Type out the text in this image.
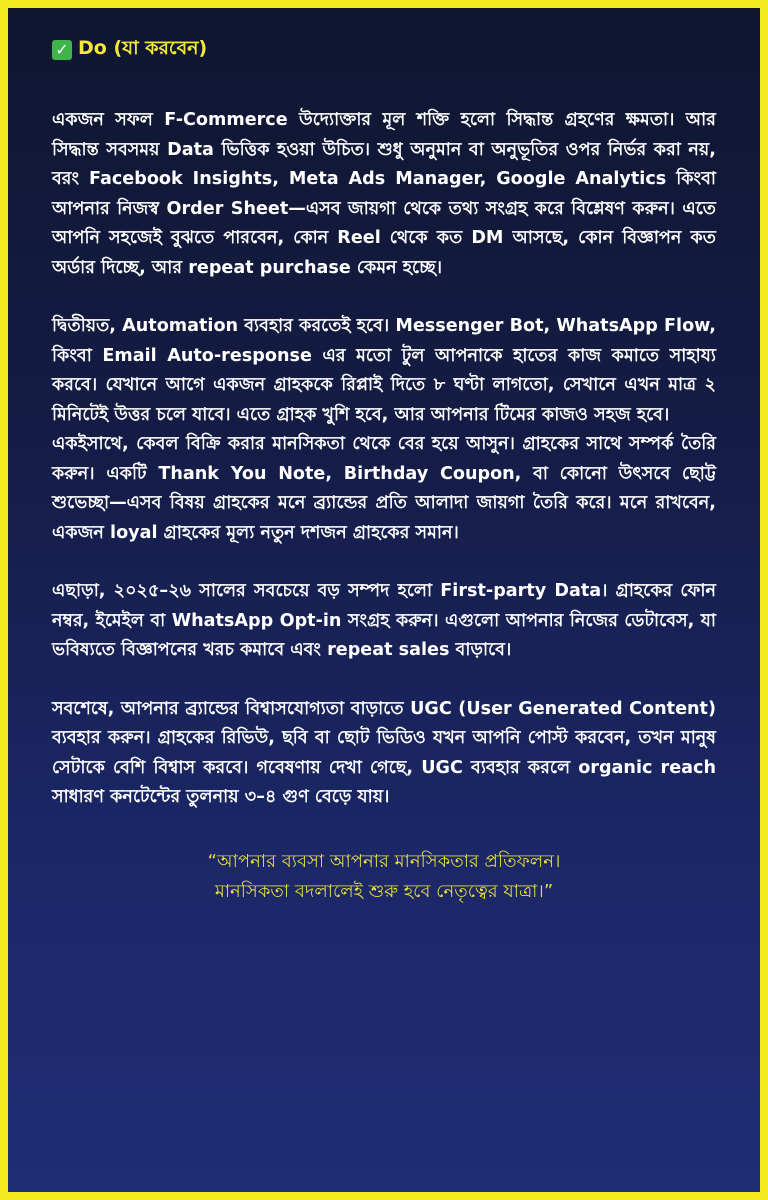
✓ Do (যা করবেন)

একজন সফল F-Commerce উদ্যোক্তার মূল শক্তি হলো সিদ্ধান্ত গ্রহণের ক্ষমতা। আর সিদ্ধান্ত সবসময় Data ভিত্তিক হওয়া উচিত। শুধু অনুমান বা অনুভূতির ওপর নির্ভর করা নয়, বরং Facebook Insights, Meta Ads Manager, Google Analytics কিংবা আপনার নিজস্ব Order Sheet—এসব জায়গা থেকে তথ্য সংগ্রহ করে বিশ্লেষণ করুন। এতে আপনি সহজেই বুঝতে পারবেন, কোন Reel থেকে কত DM আসছে, কোন বিজ্ঞাপন কত অর্ডার দিচ্ছে, আর repeat purchase কেমন হচ্ছে।

দ্বিতীয়ত, Automation ব্যবহার করতেই হবে। Messenger Bot, WhatsApp Flow, কিংবা Email Auto-response এর মতো টুল আপনাকে হাতের কাজ কমাতে সাহায্য করবে। যেখানে আগে একজন গ্রাহককে রিপ্লাই দিতে ৮ ঘণ্টা লাগতো, সেখানে এখন মাত্র ২ মিনিটেই উত্তর চলে যাবে। এতে গ্রাহক খুশি হবে, আর আপনার টিমের কাজও সহজ হবে।

একইসাথে, কেবল বিক্রি করার মানসিকতা থেকে বের হয়ে আসুন। গ্রাহকের সাথে সম্পর্ক তৈরি করুন। একটি Thank You Note, Birthday Coupon, বা কোনো উৎসবে ছোট্ট শুভেচ্ছা—এসব বিষয় গ্রাহকের মনে ব্র্যান্ডের প্রতি আলাদা জায়গা তৈরি করে। মনে রাখবেন, একজন loyal গ্রাহকের মূল্য নতুন দশজন গ্রাহকের সমান।

এছাড়া, ২০২৫–২৬ সালের সবচেয়ে বড় সম্পদ হলো First-party Data। গ্রাহকের ফোন নম্বর, ইমেইল বা WhatsApp Opt-in সংগ্রহ করুন। এগুলো আপনার নিজের ডেটাবেস, যা ভবিষ্যতে বিজ্ঞাপনের খরচ কমাবে এবং repeat sales বাড়াবে।

সবশেষে, আপনার ব্র্যান্ডের বিশ্বাসযোগ্যতা বাড়াতে UGC (User Generated Content) ব্যবহার করুন। গ্রাহকের রিভিউ, ছবি বা ছোট ভিডিও যখন আপনি পোস্ট করবেন, তখন মানুষ সেটাকে বেশি বিশ্বাস করবে। গবেষণায় দেখা গেছে, UGC ব্যবহার করলে organic reach সাধারণ কনটেন্টের তুলনায় ৩–৪ গুণ বেড়ে যায়।

“আপনার ব্যবসা আপনার মানসিকতার প্রতিফলন।
মানসিকতা বদলালেই শুরু হবে নেতৃত্বের যাত্রা।”
